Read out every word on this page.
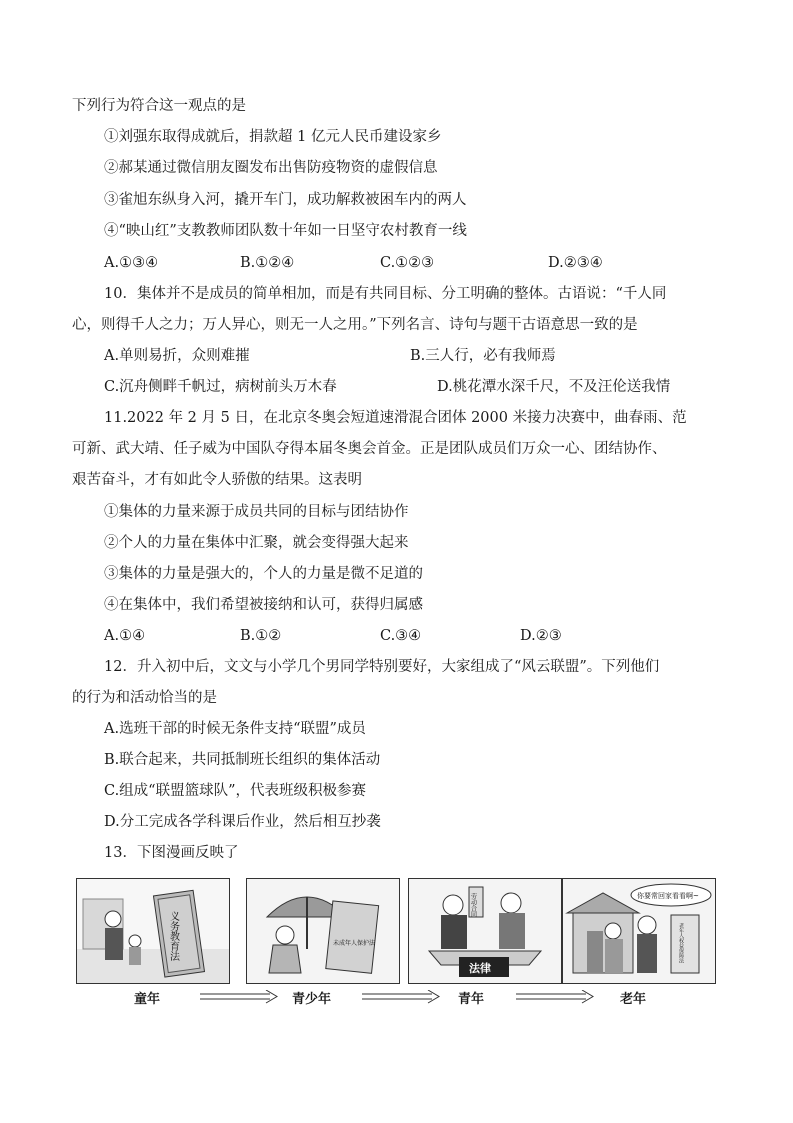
下列行为符合这一观点的是
①刘强东取得成就后，捐款超 1 亿元人民币建设家乡
②郝某通过微信朋友圈发布出售防疫物资的虚假信息
③雀旭东纵身入河，撬开车门，成功解救被困车内的两人
④“映山红”支教教师团队数十年如一日坚守农村教育一线
A.①③④	B.①②④	C.①②③	D.②③④
10．集体并不是成员的简单相加，而是有共同目标、分工明确的整体。古语说：“千人同
心，则得千人之力；万人异心，则无一人之用。”下列名言、诗句与题干古语意思一致的是
A.单则易折，众则难摧	B.三人行，必有我师焉
C.沉舟侧畔千帆过，病树前头万木春	D.桃花潭水深千尺，不及汪伦送我情
11.2022 年 2 月 5 日，在北京冬奥会短道速滑混合团体 2000 米接力决赛中，曲春雨、范
可新、武大靖、任子威为中国队夺得本届冬奥会首金。正是团队成员们万众一心、团结协作、
艰苦奋斗，才有如此令人骄傲的结果。这表明
①集体的力量来源于成员共同的目标与团结协作
②个人的力量在集体中汇聚，就会变得强大起来
③集体的力量是强大的，个人的力量是微不足道的
④在集体中，我们希望被接纳和认可，获得归属感
A.①④	B.①②	C.③④	D.②③
12．升入初中后，文文与小学几个男同学特别要好，大家组成了“风云联盟”。下列他们
的行为和活动恰当的是
A.选班干部的时候无条件支持“联盟”成员
B.联合起来，共同抵制班长组织的集体活动
C.组成“联盟篮球队”，代表班级积极参赛
D.分工完成各学科课后作业，然后相互抄袭
13．下图漫画反映了
义务教育法	未成年人保护法
劳动合同
法律
你要常回家看看啊~
老年人权益保障法
童年	青少年	青年	老年
